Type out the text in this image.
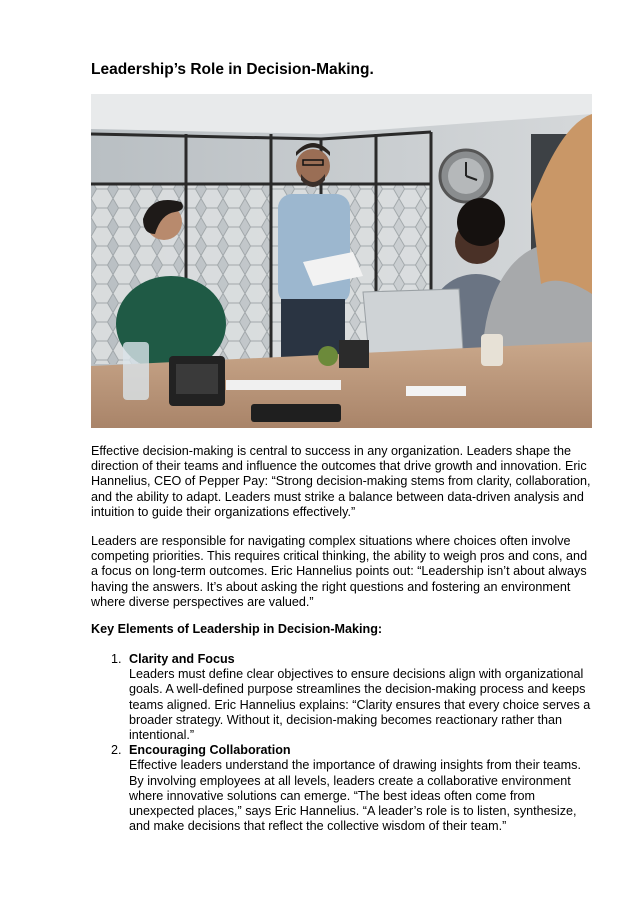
Leadership’s Role in Decision-Making.

Effective decision-making is central to success in any organization. Leaders shape the direction of their teams and influence the outcomes that drive growth and innovation. Eric Hannelius, CEO of Pepper Pay: “Strong decision-making stems from clarity, collaboration, and the ability to adapt. Leaders must strike a balance between data-driven analysis and intuition to guide their organizations effectively.”

Leaders are responsible for navigating complex situations where choices often involve competing priorities. This requires critical thinking, the ability to weigh pros and cons, and a focus on long-term outcomes. Eric Hannelius points out: “Leadership isn’t about always having the answers. It’s about asking the right questions and fostering an environment where diverse perspectives are valued.”

Key Elements of Leadership in Decision-Making:
1. Clarity and Focus
Leaders must define clear objectives to ensure decisions align with organizational goals. A well-defined purpose streamlines the decision-making process and keeps teams aligned. Eric Hannelius explains: “Clarity ensures that every choice serves a broader strategy. Without it, decision-making becomes reactionary rather than intentional.”
2. Encouraging Collaboration
Effective leaders understand the importance of drawing insights from their teams. By involving employees at all levels, leaders create a collaborative environment where innovative solutions can emerge. “The best ideas often come from unexpected places,” says Eric Hannelius. “A leader’s role is to listen, synthesize, and make decisions that reflect the collective wisdom of their team.”
